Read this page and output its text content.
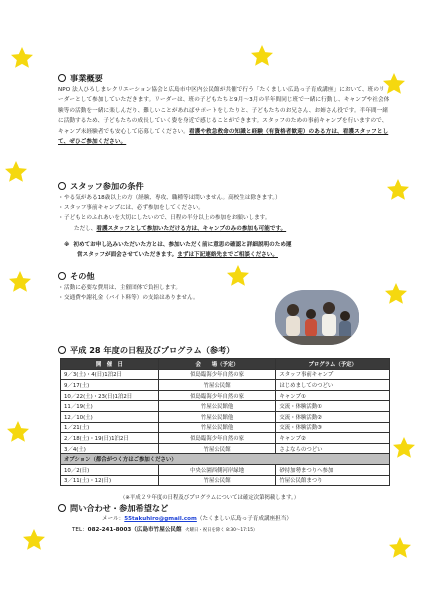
事業概要
NPO 法人ひろしまレクリエーション協会と広島市中区内公民館が共催で行う「たくましい広島っ子育成講座」において、班のリーダーとして参加していただきます。リーダーは、班の子どもたちと9月～3月の半年間同じ班で一緒に行動し、キャンプや社会体験等の活動を一緒に楽しんだり、難しいことがあればサポートをしたりと、子どもたちのお兄さん、お姉さん役です。半年間一緒に活動するため、子どもたちの成長していく姿を身近で感じることができます。スタッフのための事前キャンプを行いますので、キャンプ未経験者でも安心して応募してください。看護や救急救命の知識と経験（有資格者歓迎）のある方は、看護スタッフとして、ぜひご参加ください。
スタッフ参加の条件
・ やる気がある18歳以上の方（経験、専攻、職種等は問いません。高校生は除きます。）
・ スタッフ事前キャンプには、必ず参加をしてください。
・ 子どもとのふれあいを大切にしたいので、日程の半分以上の参加をお願いします。
ただし、 看護スタッフとして参加いただける方は、キャンプのみの参加も可能です。
※ 初めてお申し込みいただいた方とは、参加いただく前に意思の確認と詳細説明のため運
営スタッフが面会させていただきます。まずは下記連絡先までご相談ください。
その他
・ 活動に必要な費用は、主催団体で負担します。
・ 交通費や謝礼金（バイト料等）の支給はありません。
平成 28 年度の日程及びプログラム（参考）
開　催　日	会　　場（予定）	プログラム（予定）
9／3(土)・4(日)1泊2日	似島臨海少年自然の家	スタッフ事前キャンプ
9／17(土)	竹屋公民館	はじめましてのつどい
10／22(土)・23(日)1泊2日	似島臨海少年自然の家	キャンプ①
11／19(土)	竹屋公民館他	交流・体験活動①
12／10(土)	竹屋公民館他	交流・体験活動②
1／21(土)	竹屋公民館他	交流・体験活動③
2／18(土)・19(日)1泊2日	似島臨海少年自然の家	キャンプ②
3／4(土)	竹屋公民館	さよならのつどい
オプション（都合がつく方はご参加ください）		
10／2(日)	中央公園西側河岸緑地	砂持加勢まつりへ参加
3／11(土)・12(日)	竹屋公民館	竹屋公民館まつり
（※平成２９年度の日程及びプログラムについては確定次第掲載します。）
問い合わせ・参加希望など
メール：55takuhiro@gmail.com（たくましい広島っ子育成講座担当）
TEL：082-241-8003（広島市竹屋公民館 火曜日・祝日を除く 8:30～17:15）
